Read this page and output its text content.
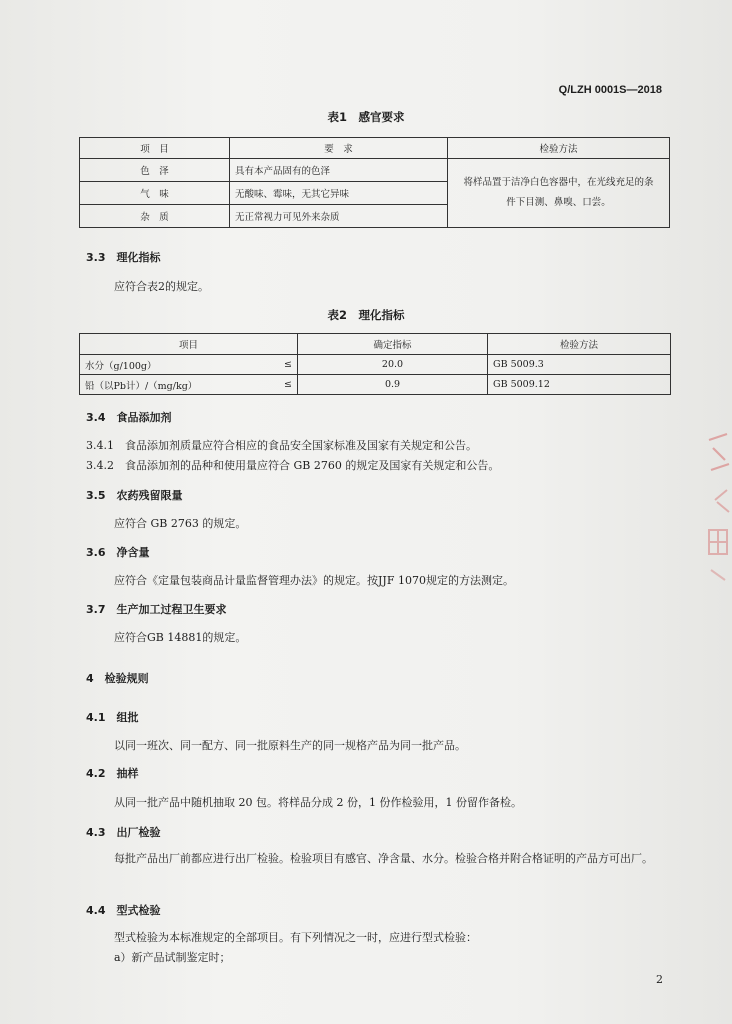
Q/LZH 0001S—2018
表1　感官要求
项　目	要　求	检验方法
色　泽	具有本产品固有的色泽	将样品置于洁净白色容器中，在光线充足的条件下目测、鼻嗅、口尝。
气　味	无酸味、霉味，无其它异味	
杂　质	无正常视力可见外来杂质	
3.3　理化指标
应符合表2的规定。
表2　理化指标
项目		确定指标	检验方法
水分（g/100g）	≤	20.0	GB 5009.3
铅（以Pb计）/（mg/kg）	≤	0.9	GB 5009.12
3.4　食品添加剂
3.4.1　食品添加剂质量应符合相应的食品安全国家标准及国家有关规定和公告。
3.4.2　食品添加剂的品种和使用量应符合 GB 2760 的规定及国家有关规定和公告。
3.5　农药残留限量
应符合 GB 2763 的规定。
3.6　净含量
应符合《定量包装商品计量监督管理办法》的规定。按JJF 1070规定的方法测定。
3.7　生产加工过程卫生要求
应符合GB 14881的规定。
4　检验规则
4.1　组批
以同一班次、同一配方、同一批原料生产的同一规格产品为同一批产品。
4.2　抽样
从同一批产品中随机抽取 20 包。将样品分成 2 份，1 份作检验用，1 份留作备检。
4.3　出厂检验
每批产品出厂前都应进行出厂检验。检验项目有感官、净含量、水分。检验合格并附合格证明的产品方可出厂。
4.4　型式检验
型式检验为本标准规定的全部项目。有下列情况之一时，应进行型式检验：
a）新产品试制鉴定时；
2
